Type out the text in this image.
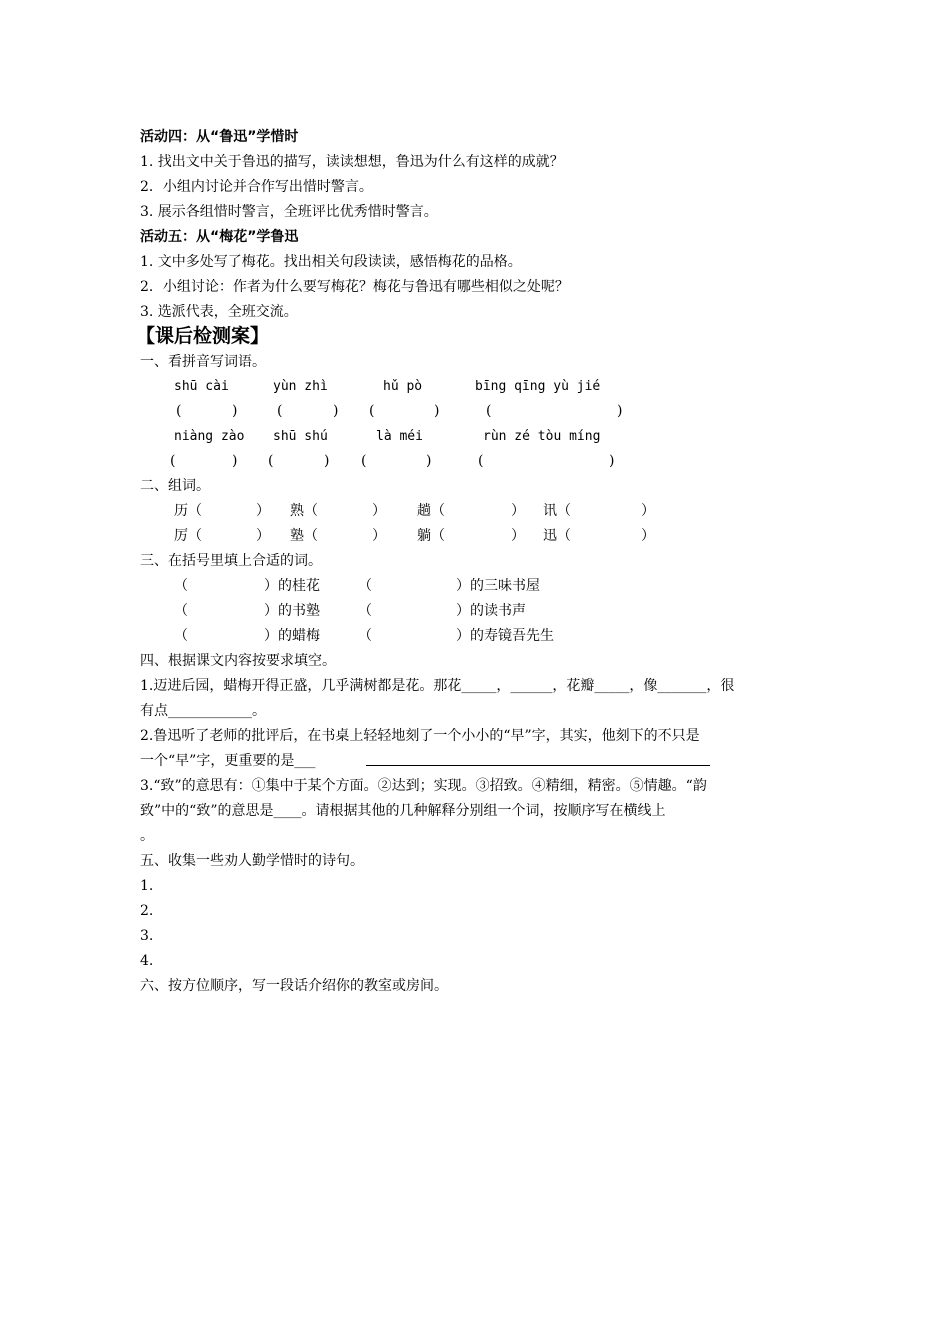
活动四：从“鲁迅”学惜时
1. 找出文中关于鲁迅的描写，读读想想，鲁迅为什么有这样的成就？
2．小组内讨论并合作写出惜时警言。
3. 展示各组惜时警言，全班评比优秀惜时警言。
活动五：从“梅花”学鲁迅
1. 文中多处写了梅花。找出相关句段读读，感悟梅花的品格。
2．小组讨论：作者为什么要写梅花？梅花与鲁迅有哪些相似之处呢？
3. 选派代表，全班交流。
【课后检测案】
一、看拼音写词语。
shū cài	yùn zhì	hǔ pò	bīng qīng yù jié
(	)	(	) (	)	(	)
niàng zào shū shú	là méi	rùn zé tòu míng
(	) (	) (	)	(	)
二、组词。
历（	） 熟（	） 趟（	） 讯（	）
厉（	） 塾（	） 躺（	） 迅（	）
三、在括号里填上合适的词。
（	）的桂花	（	）的三味书屋
（	）的书塾	（	）的读书声
（	）的蜡梅	（	）的寿镜吾先生
四、根据课文内容按要求填空。
1.迈进后园，蜡梅开得正盛，几乎满树都是花。那花_____，______，花瓣_____，像_______，很
有点____________。
2.鲁迅听了老师的批评后，在书桌上轻轻地刻了一个小小的“早”字，其实，他刻下的不只是
一个“早”字，更重要的是___
3.“致”的意思有：①集中于某个方面。②达到；实现。③招致。④精细，精密。⑤情趣。“韵
致”中的“致”的意思是____。请根据其他的几种解释分别组一个词，按顺序写在横线上
。
五、收集一些劝人勤学惜时的诗句。
1.
2.
3.
4.
六、按方位顺序，写一段话介绍你的教室或房间。
